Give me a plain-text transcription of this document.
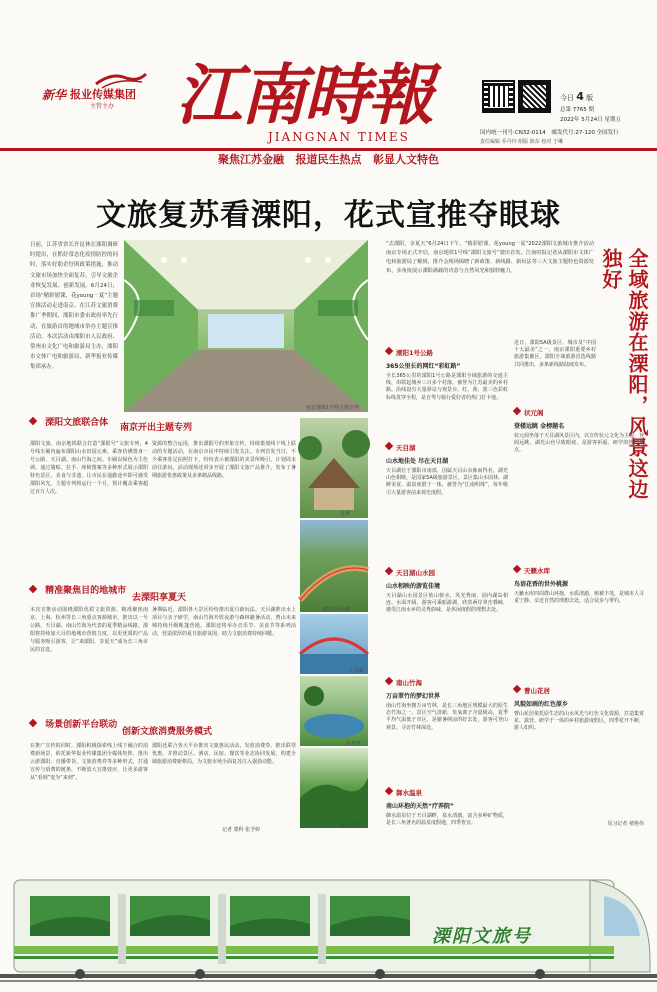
新华 报业传媒集团
主管主办 江南時報
JIANGNAN TIMES
今日 4 版
总第 7765 期
2022年 5月24日 星期五
国内统一刊号:CN32-0114 邮发代号:27-120 全国发行
责任编辑 乔丹玲 组版 陈东 校对 于琳
聚焦江苏金融   报道民生热点   彰显人文特色
文旅复苏看溧阳，花式宣推夺眼球
日前，江苏省省长许昆林在溧阳调研时提出，在抓好常态化疫情防控的同时，落实好助企纾困政策措施，推动文旅市场加快全面复苏，引导文旅企业恢复发展、创新发展。6月24日，首场“精彩慰课，花young一夏”主题宣推活动走进南京。在江苏文旅消费推广季期间，溧阳市委市政府率先行动，在旅游首的地域市举办主题宣推活动。本次活动由溧阳市人民政府、常州市文化广电和旅游局主办，溧阳市文体广电和旅游局、新华报业传媒集团承办。
南京地铁1号线主题专列
竹林
溧阳1号公路
天目湖
水世界
南山竹海
溧阳文旅联合体	南京开出主题专列
溧阳文旅、南京地铁联合打造“溧阳号”文旅专列，4号线车厢内遍布溧阳山水田园元素，乘客仿佛置身一号公路、天目湖、南山竹海之间。车厢以绿色为主色调，通过墙贴、拉手、座椅图案等多种形式展示溧阳特色景区、美食与非遗，让市民在通勤途中即可感受溧阳风光。主题专列将运行一个月，预计覆盖乘客超过百万人次。
资源的整合运用，推出溧阳号的形象宣传，持续策划线下线上联动的专题活动，在南京市民中持续引发关注。专列首发当日，不少乘客驻足拍照打卡，纷纷表示被溧阳的美景所吸引，计划周末前往游玩。活动现场还同步开展了溧阳文旅产品推介，发布了暑期旅游优惠政策及多条精品线路。
精准聚焦目的地城市
去溧阳享夏天
本次宣推活动围绕溧阳优质文旅资源，精准聚焦南京、上海、杭州等长三角重点客源城市，推出以一号公路、天目湖、南山竹海为代表的夏季精品线路。溧阳将持续加大目的地城市营销力度，以更优质的产品与服务吸引游客，让“来溧阳、享夏天”成为长三角市民的首选。
暑期临近，溧阳各大景区纷纷推出夏日新玩法。天目湖推出水上项目与亲子研学，南山竹海开放夜游与森林避暑活动，曹山未来城持续升级帐篷营地。溧阳还将举办音乐节、美食节等系列活动，营造浓厚的夏日旅游氛围，助力文旅消费持续回暖。
场景创新平台联动
创新文旅消费服务模式
在推广宣传的同时，溧阳积极探索线上线下融合的消费新场景，依托新华报业传媒集团全媒体矩阵，推出云游溧阳、直播带货、文旅消费券等多种形式，打通宣传与消费的链条，不断放大宣推效应，让更多游客从“看到”变为“来到”。
溧阳还联合各大平台推出文旅惠民活动，发放消费券、推出联票优惠，并推动景区、酒店、民宿、餐饮等业态协同发展，构建全域旅游消费新格局，为文旅市场全面复苏注入强劲动能。
记者 蒙科 张予婷
“去溧阳，享夏天”6月24日下午，“精彩慰课，花young一夏”2022溧阳文旅城市推介活动南京专场正式开启，南京地铁1号线“溧阳文旅号”驶出首发。江南时报记者从溧阳市文体广电和旅游局了解到，推介会现场揭晓了新政策、新线路、新玩法等三大文旅主题特色资源发布，多角度展示溧阳满载的诗意与自然风光和独特魅力。	全域旅游在溧阳，风景这边独好
溧阳1号公路
365公里长的网红“彩虹路”
全长365公里的溧阳1号公路是溧阳全域旅游的交通主线，串联起城乡三百多个村落，被誉为江苏最美的乡村路。沿线设有大量驿站与观景台，红、黄、蓝三色彩虹标线贯穿全程，是自驾与骑行爱好者的热门打卡地。
天目湖
山水地佳处 尽在天目湖
天目湖位于溧阳市南部，因属天目山余脉而得名，湖光山色相映，是国家5A级旅游景区。景区集山水园林、湖鲜美食、温泉度假于一体，被誉为“江南明珠”，每年吸引大量游客前来观光度假。
天目湖山水园
山水相映的游览佳境
天目湖山水园景区依山傍水，风光秀丽，园内湖岛相连、水面开阔，游客可乘船游湖，欣赏两岸翠峦叠嶂，感受江南水乡的灵秀韵味，是休闲度假的理想去处。
南山竹海
万亩翠竹的梦幻世界
南山竹海坐拥万亩竹林，是长三角地区规模最大的原生态竹海之一。景区空气清新，负氧离子含量极高，夏季平均气温低于市区，是避暑纳凉的好去处，游客可登山观景、寻访竹林深处。
御水温泉
南山环抱的天然“疗养院”
御水温泉位于天目湖畔，泉水清澈，富含多种矿物质，是长三角著名的温泉度假地，四季皆宜。
近日，溧阳5A级景区、城市及“中国十大最美”之一，南京溧阳重要乡村旅游集聚区，溧阳全域旅游首选线路共同推出，多条新线路陆续发布。
状元阁
登楼远眺 金榜题名
状元阁坐落于天目湖风景区内，以宣传状元文化为主题，登阁远眺，湖光山色尽收眼底，是游客祈福、研学的热门景点。
天籁水库
鸟语花香的世外桃源
天籁水库四周群山环抱，水质清澈，植被丰茂，是城市人寻觅宁静、亲近自然的理想去处，适合徒步与垂钓。
曹山花居
风貌如画的红色原乡
曹山花居依托原生态的山水风光与红色文化资源，打造集赏花、露营、研学于一体的乡村旅游度假区，四季花开不断，游人如织。
见习记者 褚艳伟
溧阳文旅号
